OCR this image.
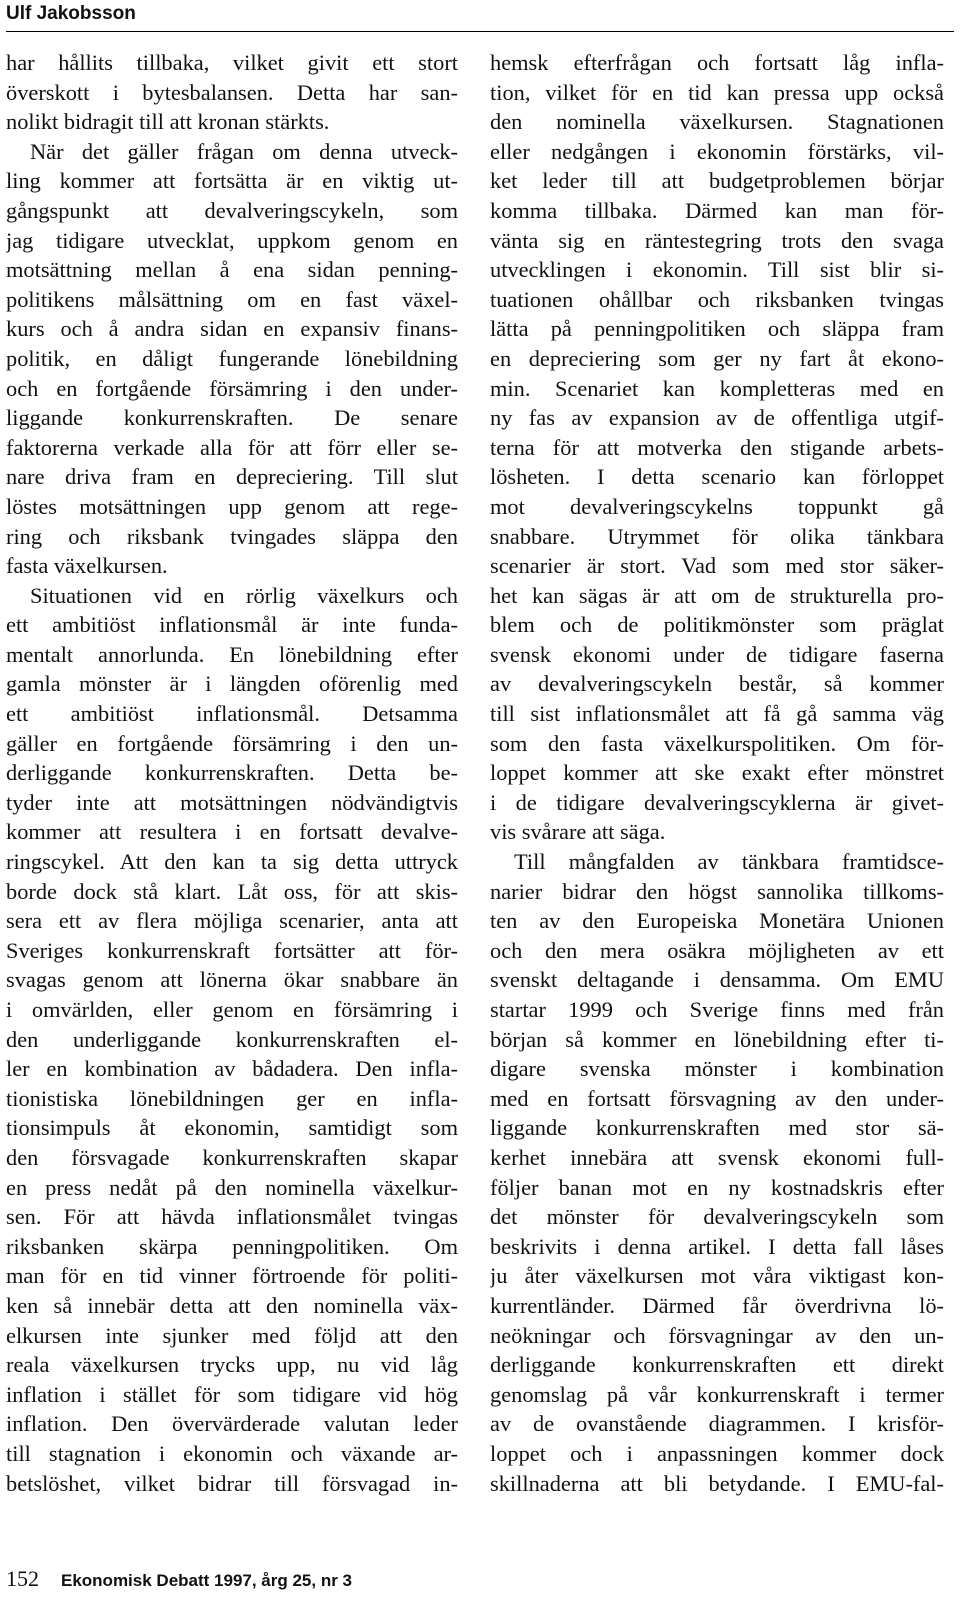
Ulf Jakobsson
har hållits tillbaka, vilket givit ett stort
överskott i bytesbalansen. Detta har san-
nolikt bidragit till att kronan stärkts.
När det gäller frågan om denna utveck-
ling kommer att fortsätta är en viktig ut-
gångspunkt att devalveringscykeln, som
jag tidigare utvecklat, uppkom genom en
motsättning mellan å ena sidan penning-
politikens målsättning om en fast växel-
kurs och å andra sidan en expansiv finans-
politik, en dåligt fungerande lönebildning
och en fortgående försämring i den under-
liggande konkurrenskraften. De senare
faktorerna verkade alla för att förr eller se-
nare driva fram en depreciering. Till slut
löstes motsättningen upp genom att rege-
ring och riksbank tvingades släppa den
fasta växelkursen.
Situationen vid en rörlig växelkurs och
ett ambitiöst inflationsmål är inte funda-
mentalt annorlunda. En lönebildning efter
gamla mönster är i längden oförenlig med
ett ambitiöst inflationsmål. Detsamma
gäller en fortgående försämring i den un-
derliggande konkurrenskraften. Detta be-
tyder inte att motsättningen nödvändigtvis
kommer att resultera i en fortsatt devalve-
ringscykel. Att den kan ta sig detta uttryck
borde dock stå klart. Låt oss, för att skis-
sera ett av flera möjliga scenarier, anta att
Sveriges konkurrenskraft fortsätter att för-
svagas genom att lönerna ökar snabbare än
i omvärlden, eller genom en försämring i
den underliggande konkurrenskraften el-
ler en kombination av bådadera. Den infla-
tionistiska lönebildningen ger en infla-
tionsimpuls åt ekonomin, samtidigt som
den försvagade konkurrenskraften skapar
en press nedåt på den nominella växelkur-
sen. För att hävda inflationsmålet tvingas
riksbanken skärpa penningpolitiken. Om
man för en tid vinner förtroende för politi-
ken så innebär detta att den nominella väx-
elkursen inte sjunker med följd att den
reala växelkursen trycks upp, nu vid låg
inflation i stället för som tidigare vid hög
inflation. Den övervärderade valutan leder
till stagnation i ekonomin och växande ar-
betslöshet, vilket bidrar till försvagad in-
hemsk efterfrågan och fortsatt låg infla-
tion, vilket för en tid kan pressa upp också
den nominella växelkursen. Stagnationen
eller nedgången i ekonomin förstärks, vil-
ket leder till att budgetproblemen börjar
komma tillbaka. Därmed kan man för-
vänta sig en räntestegring trots den svaga
utvecklingen i ekonomin. Till sist blir si-
tuationen ohållbar och riksbanken tvingas
lätta på penningpolitiken och släppa fram
en depreciering som ger ny fart åt ekono-
min. Scenariet kan kompletteras med en
ny fas av expansion av de offentliga utgif-
terna för att motverka den stigande arbets-
lösheten. I detta scenario kan förloppet
mot devalveringscykelns toppunkt gå
snabbare. Utrymmet för olika tänkbara
scenarier är stort. Vad som med stor säker-
het kan sägas är att om de strukturella pro-
blem och de politikmönster som präglat
svensk ekonomi under de tidigare faserna
av devalveringscykeln består, så kommer
till sist inflationsmålet att få gå samma väg
som den fasta växelkurspolitiken. Om för-
loppet kommer att ske exakt efter mönstret
i de tidigare devalveringscyklerna är givet-
vis svårare att säga.
Till mångfalden av tänkbara framtidsce-
narier bidrar den högst sannolika tillkoms-
ten av den Europeiska Monetära Unionen
och den mera osäkra möjligheten av ett
svenskt deltagande i densamma. Om EMU
startar 1999 och Sverige finns med från
början så kommer en lönebildning efter ti-
digare svenska mönster i kombination
med en fortsatt försvagning av den under-
liggande konkurrenskraften med stor sä-
kerhet innebära att svensk ekonomi full-
följer banan mot en ny kostnadskris efter
det mönster för devalveringscykeln som
beskrivits i denna artikel. I detta fall låses
ju åter växelkursen mot våra viktigast kon-
kurrentländer. Därmed får överdrivna lö-
neökningar och försvagningar av den un-
derliggande konkurrenskraften ett direkt
genomslag på vår konkurrenskraft i termer
av de ovanstående diagrammen. I krisför-
loppet och i anpassningen kommer dock
skillnaderna att bli betydande. I EMU-fal-
152 Ekonomisk Debatt 1997, årg 25, nr 3
